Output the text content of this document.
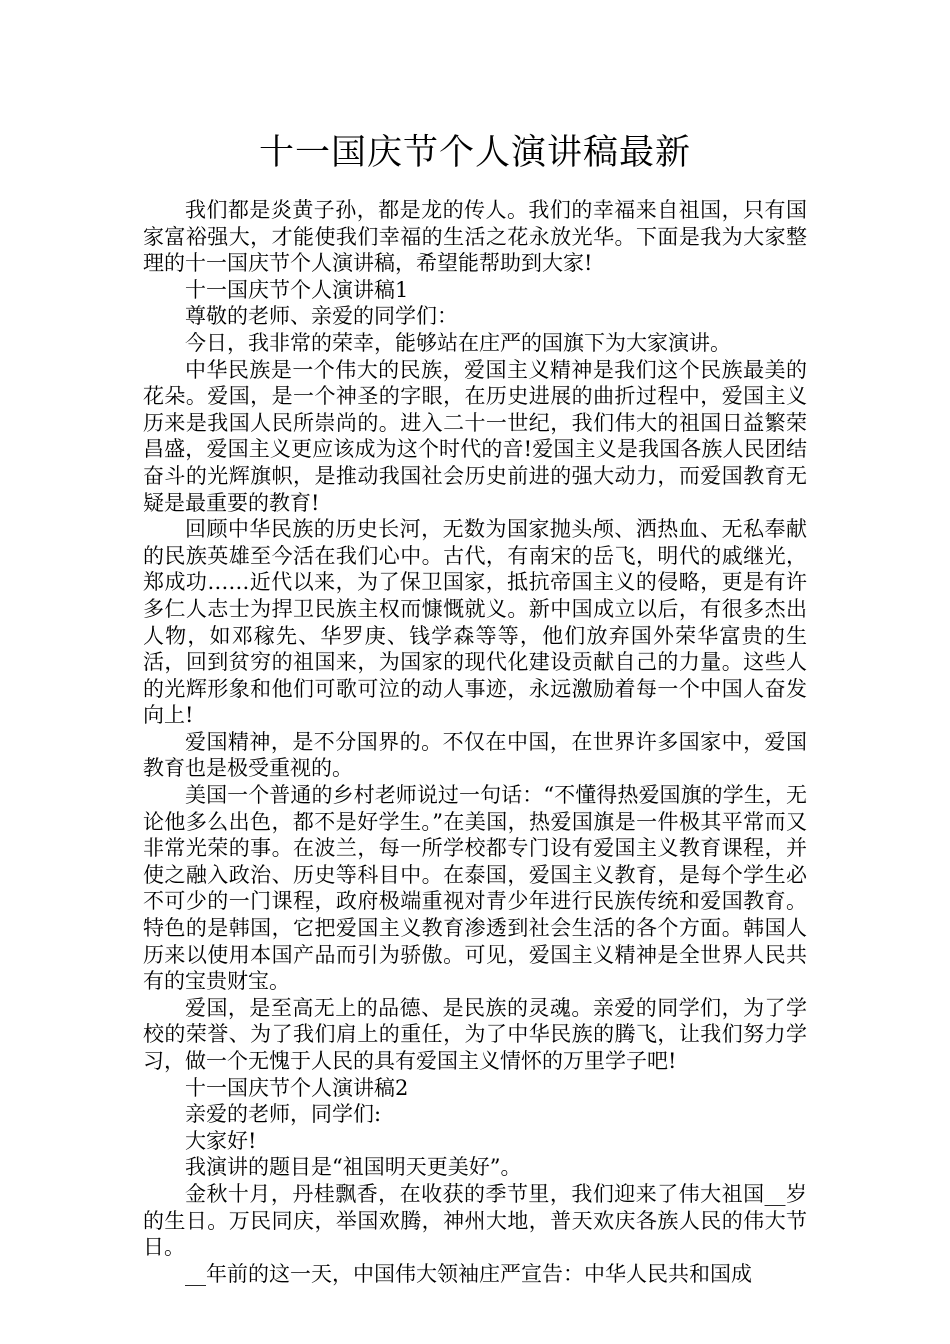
十一国庆节个人演讲稿最新

我们都是炎黄子孙，都是龙的传人。我们的幸福来自祖国，只有国家富裕强大，才能使我们幸福的生活之花永放光华。下面是我为大家整理的十一国庆节个人演讲稿，希望能帮助到大家!

十一国庆节个人演讲稿1

尊敬的老师、亲爱的同学们：

今日，我非常的荣幸，能够站在庄严的国旗下为大家演讲。

中华民族是一个伟大的民族，爱国主义精神是我们这个民族最美的花朵。爱国，是一个神圣的字眼，在历史进展的曲折过程中，爱国主义历来是我国人民所崇尚的。进入二十一世纪，我们伟大的祖国日益繁荣昌盛，爱国主义更应该成为这个时代的音!爱国主义是我国各族人民团结奋斗的光辉旗帜，是推动我国社会历史前进的强大动力，而爱国教育无疑是最重要的教育!

回顾中华民族的历史长河，无数为国家抛头颅、洒热血、无私奉献的民族英雄至今活在我们心中。古代，有南宋的岳飞，明代的戚继光，郑成功……近代以来，为了保卫国家，抵抗帝国主义的侵略，更是有许多仁人志士为捍卫民族主权而慷慨就义。新中国成立以后，有很多杰出人物，如邓稼先、华罗庚、钱学森等等，他们放弃国外荣华富贵的生活，回到贫穷的祖国来，为国家的现代化建设贡献自己的力量。这些人的光辉形象和他们可歌可泣的动人事迹，永远激励着每一个中国人奋发向上!

爱国精神，是不分国界的。不仅在中国，在世界许多国家中，爱国教育也是极受重视的。

美国一个普通的乡村老师说过一句话：“不懂得热爱国旗的学生，无论他多么出色，都不是好学生。”在美国，热爱国旗是一件极其平常而又非常光荣的事。在波兰，每一所学校都专门设有爱国主义教育课程，并使之融入政治、历史等科目中。在泰国，爱国主义教育，是每个学生必不可少的一门课程，政府极端重视对青少年进行民族传统和爱国教育。特色的是韩国，它把爱国主义教育渗透到社会生活的各个方面。韩国人历来以使用本国产品而引为骄傲。可见，爱国主义精神是全世界人民共有的宝贵财宝。

爱国，是至高无上的品德、是民族的灵魂。亲爱的同学们，为了学校的荣誉、为了我们肩上的重任，为了中华民族的腾飞，让我们努力学习，做一个无愧于人民的具有爱国主义情怀的万里学子吧!

十一国庆节个人演讲稿2

亲爱的老师，同学们:

大家好!

我演讲的题目是“祖国明天更美好”。

金秋十月，丹桂飘香，在收获的季节里，我们迎来了伟大祖国__岁的生日。万民同庆，举国欢腾，神州大地，普天欢庆各族人民的伟大节日。

__年前的这一天，中国伟大领袖庄严宣告：中华人民共和国成
